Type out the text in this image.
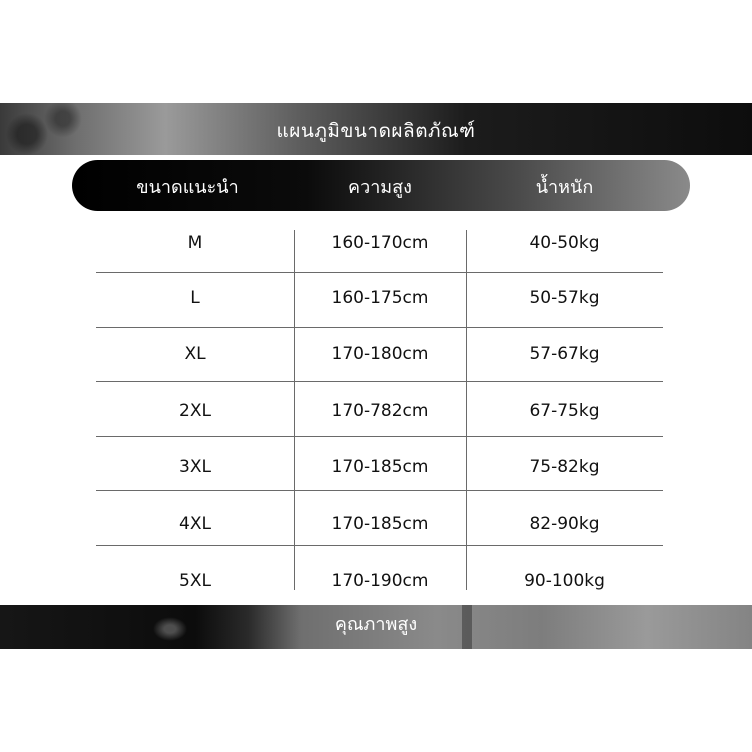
แผนภูมิขนาดผลิตภัณฑ์
ขนาดแนะนำ	ความสูง	น้ำหนัก
M	160-170cm	40-50kg
L	160-175cm	50-57kg
XL	170-180cm	57-67kg
2XL	170-782cm	67-75kg
3XL	170-185cm	75-82kg
4XL	170-185cm	82-90kg
5XL	170-190cm	90-100kg
คุณภาพสูง
